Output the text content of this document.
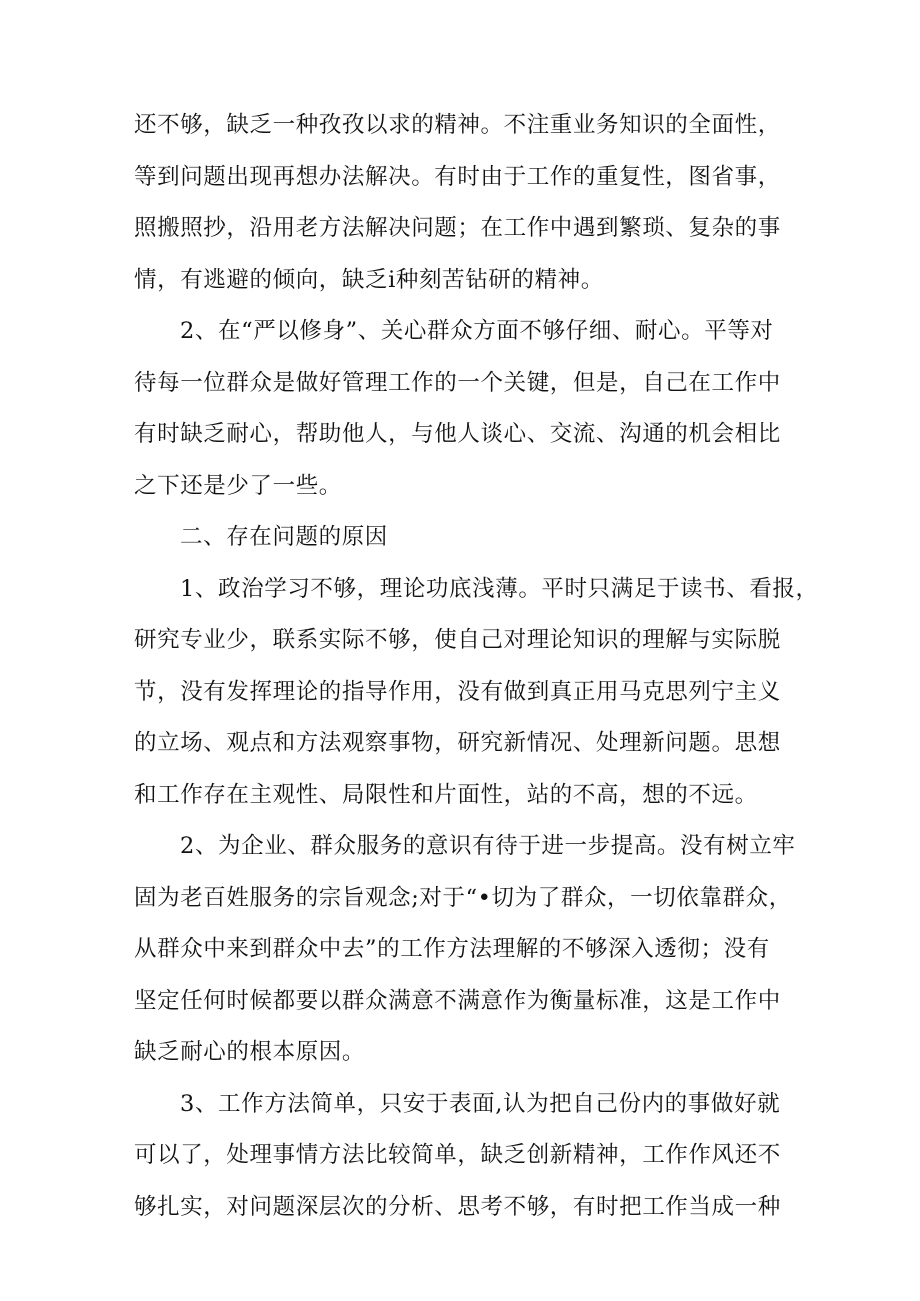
还不够，缺乏一种孜孜以求的精神。不注重业务知识的全面性，
等到问题出现再想办法解决。有时由于工作的重复性，图省事，
照搬照抄，沿用老方法解决问题；在工作中遇到繁琐、复杂的事
情，有逃避的倾向，缺乏i种刻苦钻研的精神。
2、在“严以修身”、关心群众方面不够仔细、耐心。平等对
待每一位群众是做好管理工作的一个关键，但是，自己在工作中
有时缺乏耐心，帮助他人，与他人谈心、交流、沟通的机会相比
之下还是少了一些。
二、存在问题的原因
1、政治学习不够，理论功底浅薄。平时只满足于读书、看报，
研究专业少，联系实际不够，使自己对理论知识的理解与实际脱
节，没有发挥理论的指导作用，没有做到真正用马克思列宁主义
的立场、观点和方法观察事物，研究新情况、处理新问题。思想
和工作存在主观性、局限性和片面性，站的不高，想的不远。
2、为企业、群众服务的意识有待于进一步提高。没有树立牢
固为老百姓服务的宗旨观念;对于“•切为了群众，一切依靠群众，
从群众中来到群众中去”的工作方法理解的不够深入透彻；没有
坚定任何时候都要以群众满意不满意作为衡量标准，这是工作中
缺乏耐心的根本原因。
3、工作方法简单，只安于表面,认为把自己份内的事做好就
可以了，处理事情方法比较简单，缺乏创新精神，工作作风还不
够扎实，对问题深层次的分析、思考不够，有时把工作当成一种
